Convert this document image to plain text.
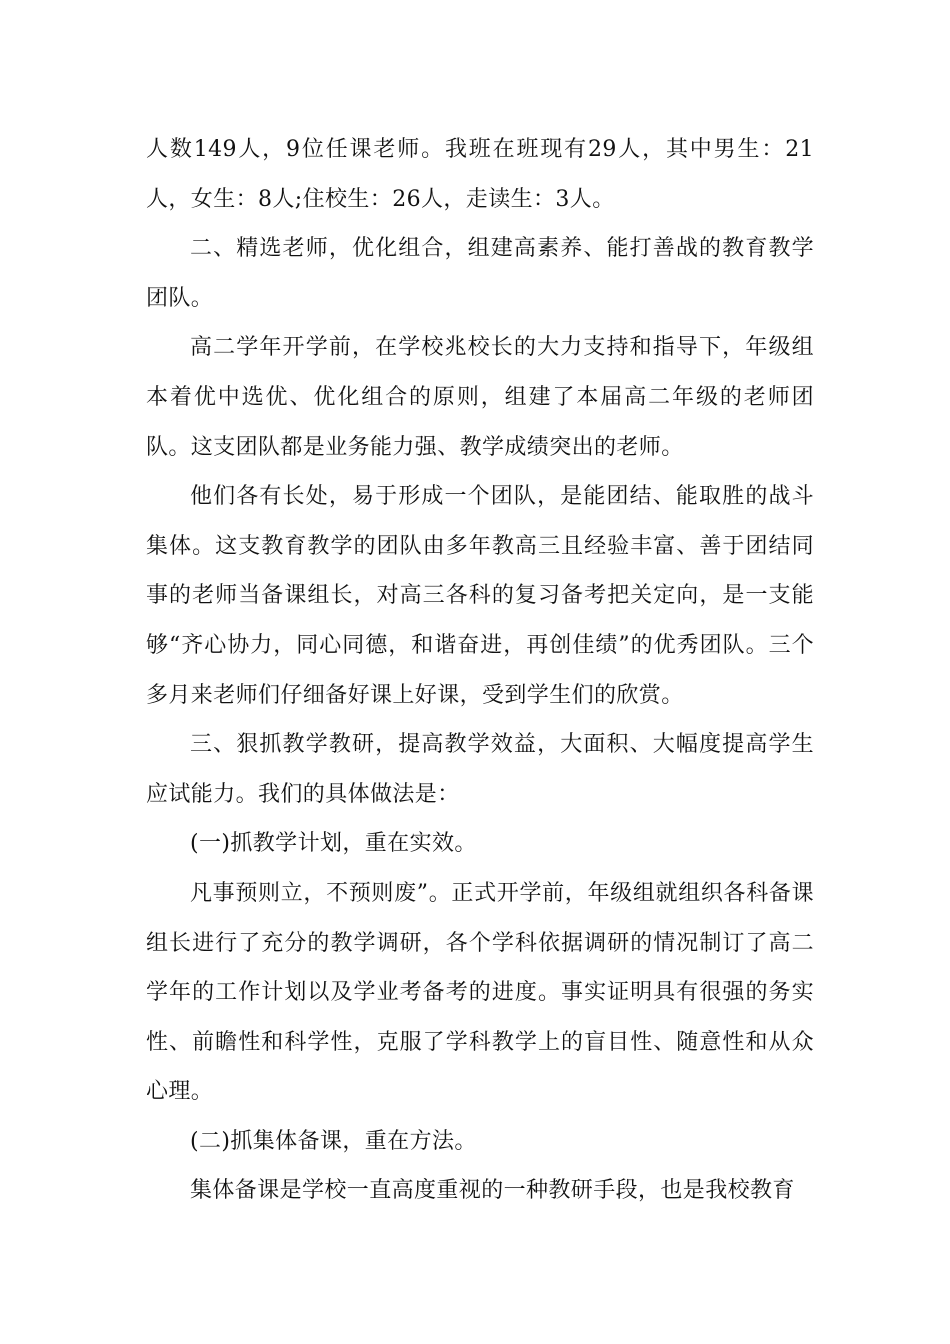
人数149人，9位任课老师。我班在班现有29人，其中男生：21人，女生：8人;住校生：26人，走读生：3人。

二、精选老师，优化组合，组建高素养、能打善战的教育教学团队。

高二学年开学前，在学校兆校长的大力支持和指导下，年级组本着优中选优、优化组合的原则，组建了本届高二年级的老师团队。这支团队都是业务能力强、教学成绩突出的老师。

他们各有长处，易于形成一个团队，是能团结、能取胜的战斗集体。这支教育教学的团队由多年教高三且经验丰富、善于团结同事的老师当备课组长，对高三各科的复习备考把关定向，是一支能够“齐心协力，同心同德，和谐奋进，再创佳绩”的优秀团队。三个多月来老师们仔细备好课上好课，受到学生们的欣赏。

三、狠抓教学教研，提高教学效益，大面积、大幅度提高学生应试能力。我们的具体做法是：

(一)抓教学计划，重在实效。

凡事预则立，不预则废”。正式开学前，年级组就组织各科备课组长进行了充分的教学调研，各个学科依据调研的情况制订了高二学年的工作计划以及学业考备考的进度。事实证明具有很强的务实性、前瞻性和科学性，克服了学科教学上的盲目性、随意性和从众心理。

(二)抓集体备课，重在方法。

集体备课是学校一直高度重视的一种教研手段，也是我校教育
